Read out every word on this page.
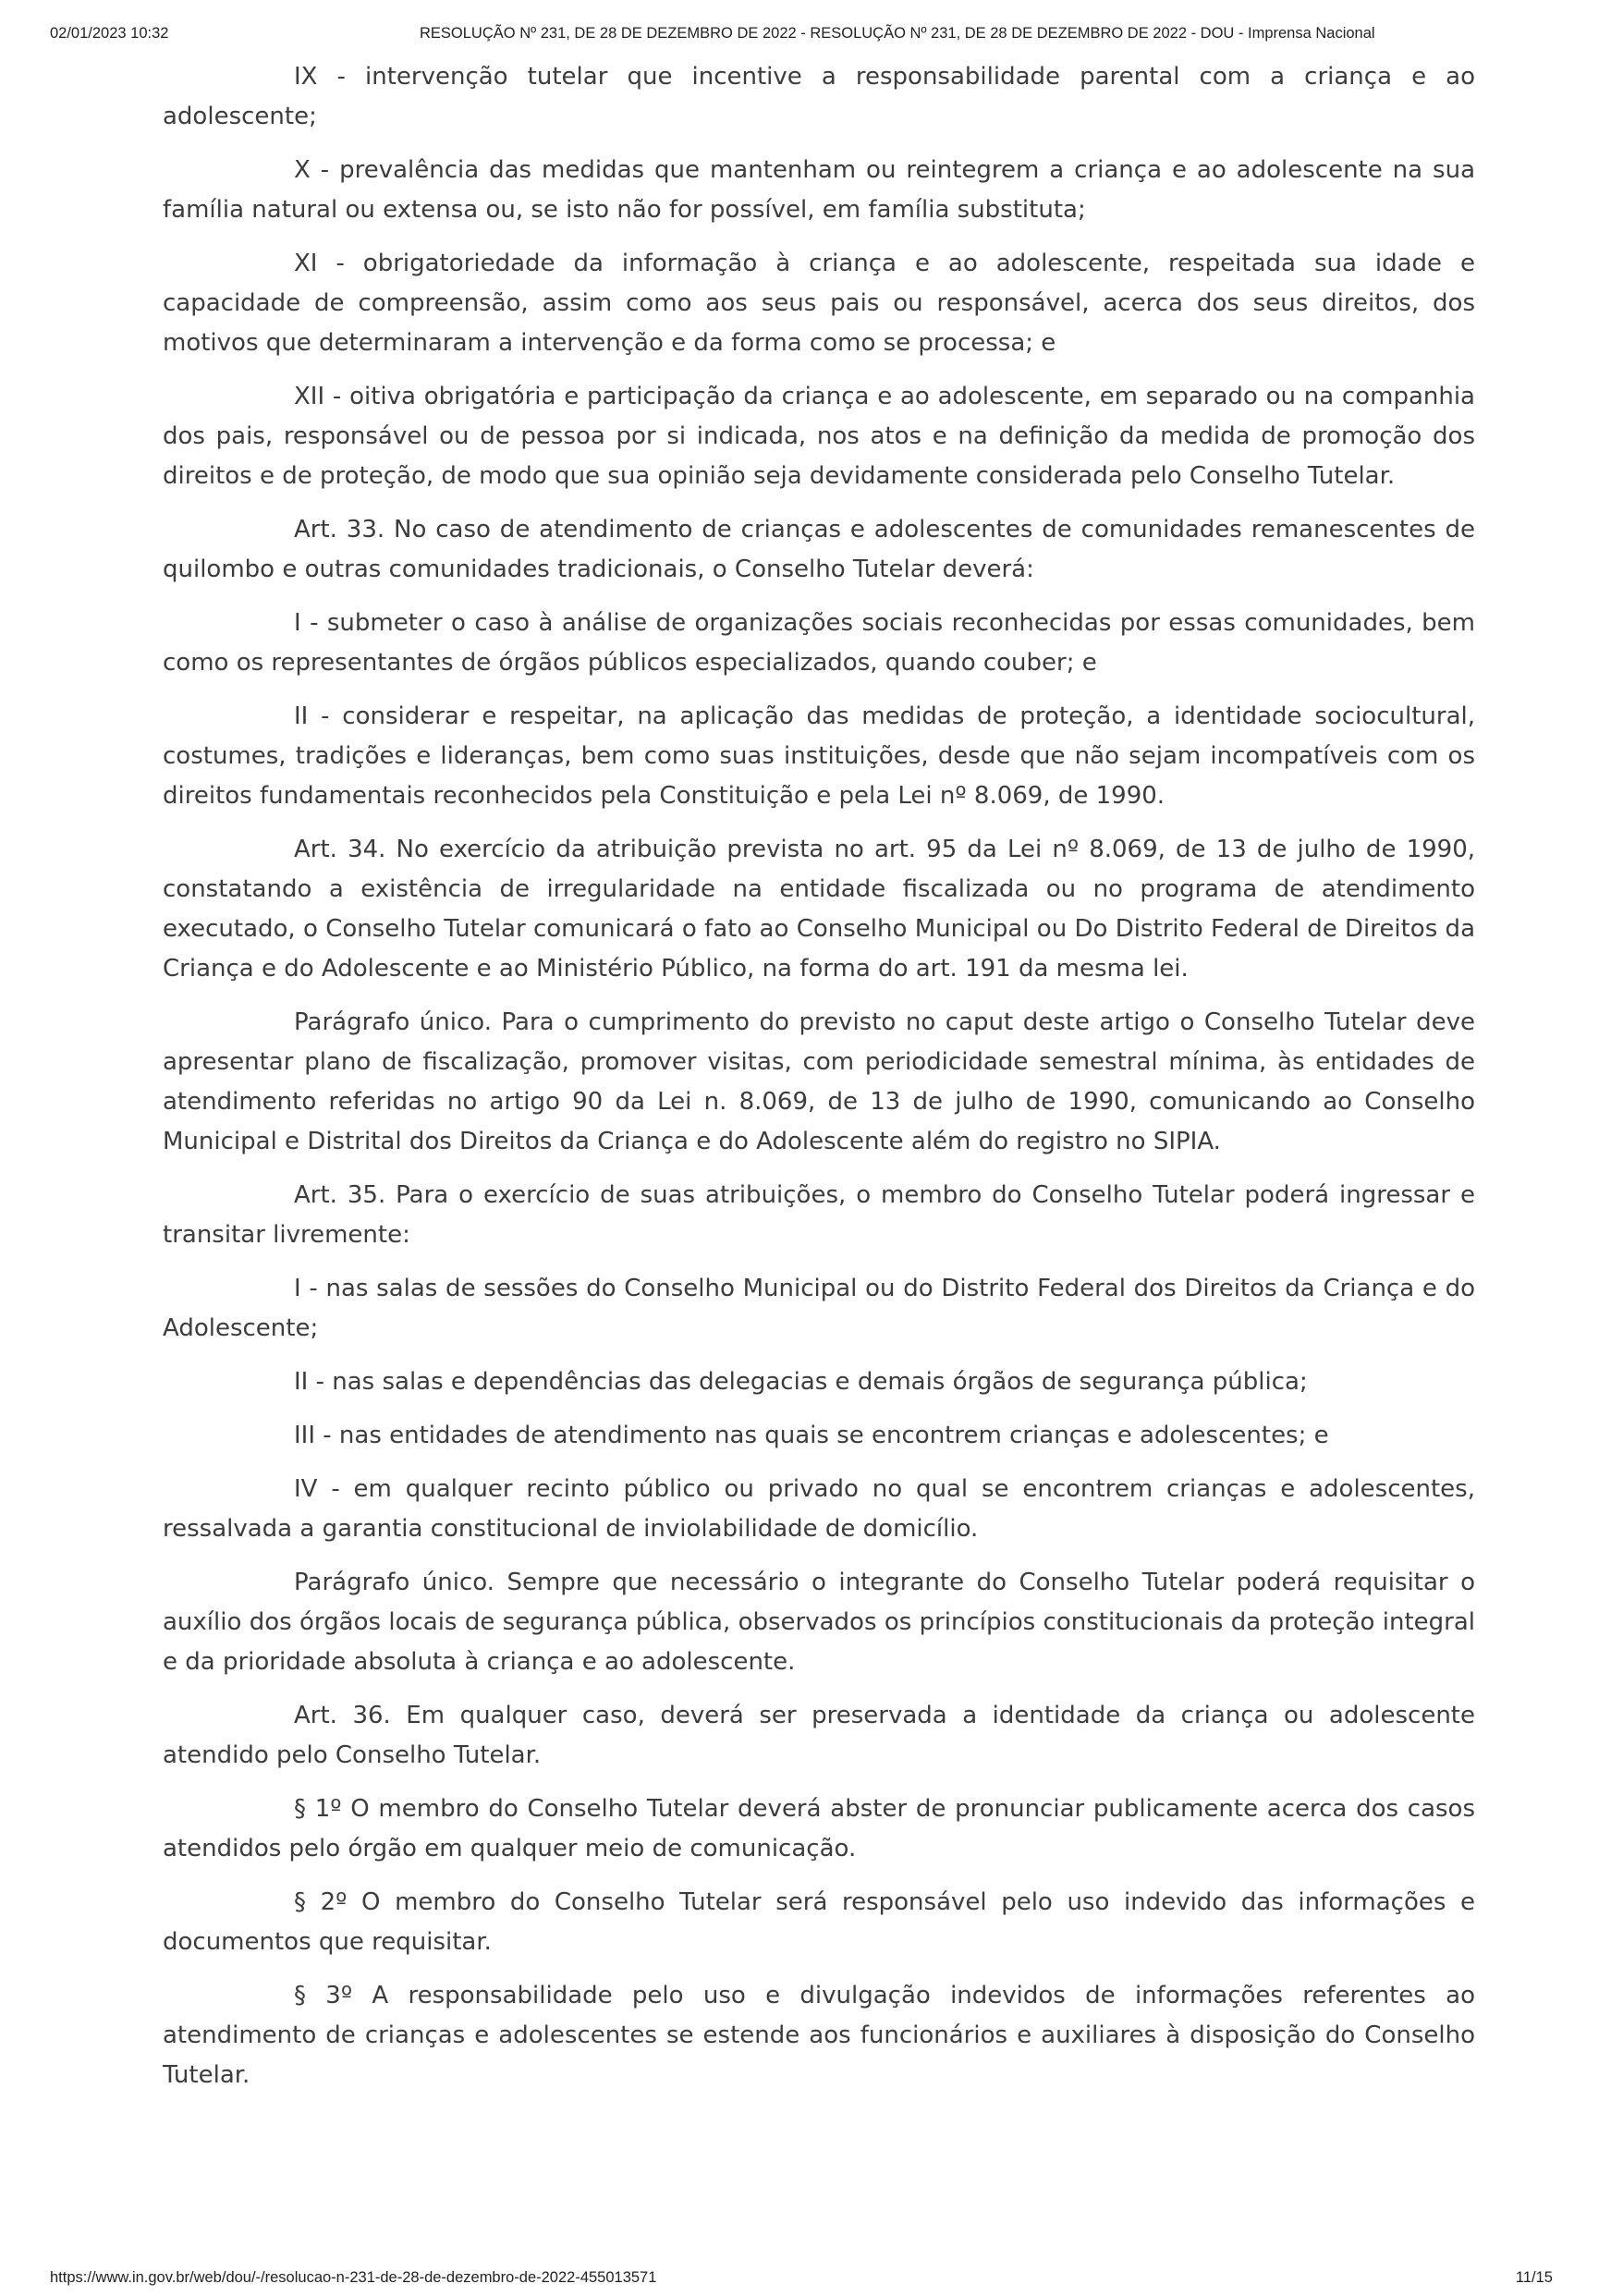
02/01/2023 10:32	RESOLUÇÃO Nº 231, DE 28 DE DEZEMBRO DE 2022 - RESOLUÇÃO Nº 231, DE 28 DE DEZEMBRO DE 2022 - DOU - Imprensa Nacional

IX - intervenção tutelar que incentive a responsabilidade parental com a criança e ao adolescente;

X - prevalência das medidas que mantenham ou reintegrem a criança e ao adolescente na sua família natural ou extensa ou, se isto não for possível, em família substituta;

XI - obrigatoriedade da informação à criança e ao adolescente, respeitada sua idade e capacidade de compreensão, assim como aos seus pais ou responsável, acerca dos seus direitos, dos motivos que determinaram a intervenção e da forma como se processa; e

XII - oitiva obrigatória e participação da criança e ao adolescente, em separado ou na companhia dos pais, responsável ou de pessoa por si indicada, nos atos e na definição da medida de promoção dos direitos e de proteção, de modo que sua opinião seja devidamente considerada pelo Conselho Tutelar.

Art. 33. No caso de atendimento de crianças e adolescentes de comunidades remanescentes de quilombo e outras comunidades tradicionais, o Conselho Tutelar deverá:

I - submeter o caso à análise de organizações sociais reconhecidas por essas comunidades, bem como os representantes de órgãos públicos especializados, quando couber; e

II - considerar e respeitar, na aplicação das medidas de proteção, a identidade sociocultural, costumes, tradições e lideranças, bem como suas instituições, desde que não sejam incompatíveis com os direitos fundamentais reconhecidos pela Constituição e pela Lei nº 8.069, de 1990.

Art. 34. No exercício da atribuição prevista no art. 95 da Lei nº 8.069, de 13 de julho de 1990, constatando a existência de irregularidade na entidade fiscalizada ou no programa de atendimento executado, o Conselho Tutelar comunicará o fato ao Conselho Municipal ou Do Distrito Federal de Direitos da Criança e do Adolescente e ao Ministério Público, na forma do art. 191 da mesma lei.

Parágrafo único. Para o cumprimento do previsto no caput deste artigo o Conselho Tutelar deve apresentar plano de fiscalização, promover visitas, com periodicidade semestral mínima, às entidades de atendimento referidas no artigo 90 da Lei n. 8.069, de 13 de julho de 1990, comunicando ao Conselho Municipal e Distrital dos Direitos da Criança e do Adolescente além do registro no SIPIA.

Art. 35. Para o exercício de suas atribuições, o membro do Conselho Tutelar poderá ingressar e transitar livremente:

I - nas salas de sessões do Conselho Municipal ou do Distrito Federal dos Direitos da Criança e do Adolescente;

II - nas salas e dependências das delegacias e demais órgãos de segurança pública;

III - nas entidades de atendimento nas quais se encontrem crianças e adolescentes; e

IV - em qualquer recinto público ou privado no qual se encontrem crianças e adolescentes, ressalvada a garantia constitucional de inviolabilidade de domicílio.

Parágrafo único. Sempre que necessário o integrante do Conselho Tutelar poderá requisitar o auxílio dos órgãos locais de segurança pública, observados os princípios constitucionais da proteção integral e da prioridade absoluta à criança e ao adolescente.

Art. 36. Em qualquer caso, deverá ser preservada a identidade da criança ou adolescente atendido pelo Conselho Tutelar.

§ 1º O membro do Conselho Tutelar deverá abster de pronunciar publicamente acerca dos casos atendidos pelo órgão em qualquer meio de comunicação.

§ 2º O membro do Conselho Tutelar será responsável pelo uso indevido das informações e documentos que requisitar.

§ 3º A responsabilidade pelo uso e divulgação indevidos de informações referentes ao atendimento de crianças e adolescentes se estende aos funcionários e auxiliares à disposição do Conselho Tutelar.

https://www.in.gov.br/web/dou/-/resolucao-n-231-de-28-de-dezembro-de-2022-455013571	11/15
